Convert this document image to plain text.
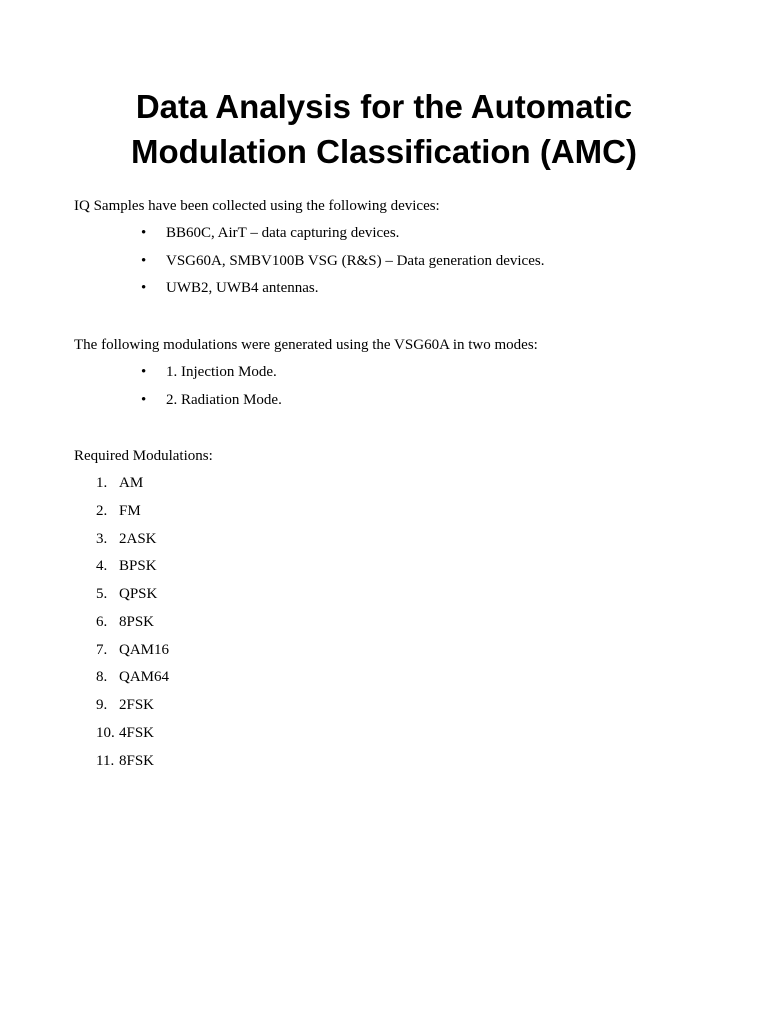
Data Analysis for the Automatic
Modulation Classification (AMC)

IQ Samples have been collected using the following devices:

• BB60C, AirT – data capturing devices.
• VSG60A, SMBV100B VSG (R&S) – Data generation devices.
• UWB2, UWB4 antennas.

The following modulations were generated using the VSG60A in two modes:

• 1. Injection Mode.
• 2. Radiation Mode.

Required Modulations:

1. AM
2. FM
3. 2ASK
4. BPSK
5. QPSK
6. 8PSK
7. QAM16
8. QAM64
9. 2FSK
10. 4FSK
11. 8FSK
